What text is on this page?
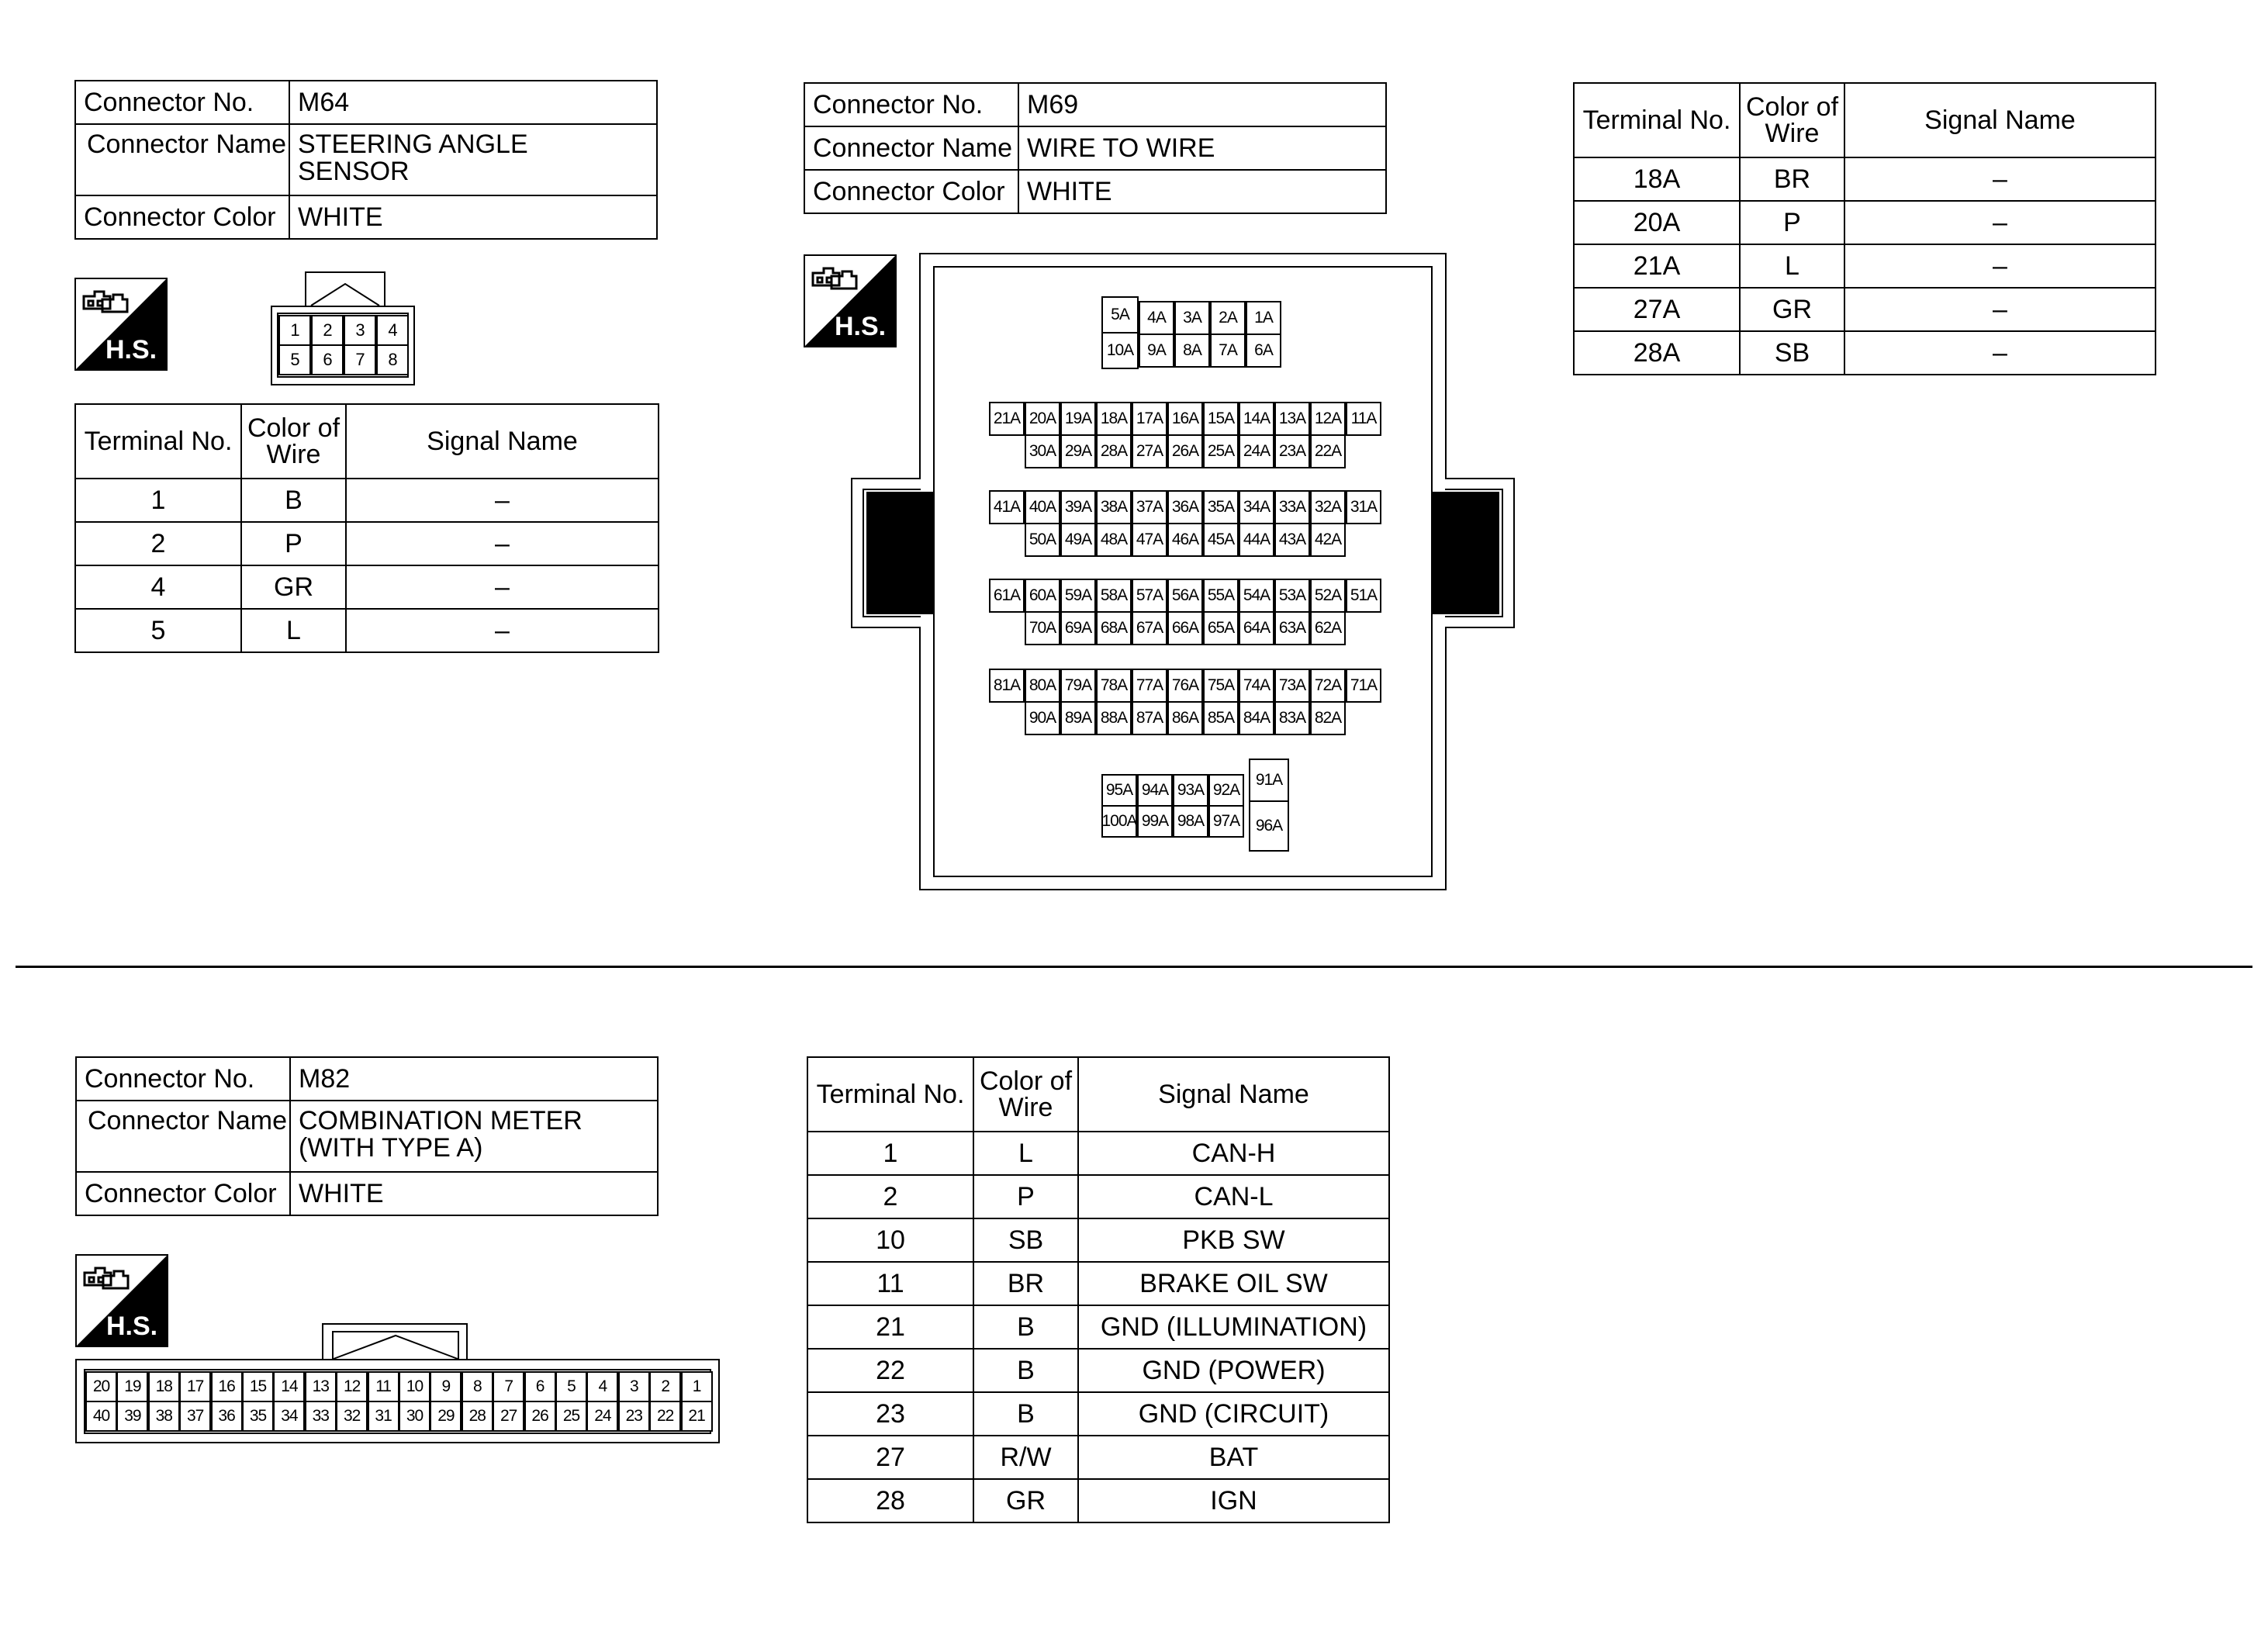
Connector No.	M64
Connector Name	STEERING ANGLE SENSOR

Connector Color	WHITE
H.S.
1	2	3	4
5	6	7	8
Terminal No.	Color of Wire	Signal Name
1	B	–
2	P	–
4	GR	–
5	L	–
Connector No.	M69
Connector Name	WIRE TO WIRE
Connector Color	WHITE
H.S.	5A
10A
4A	3A	2A	1A
9A	8A	7A	6A
21A 20A 19A 18A 17A 16A 15A 14A 13A 12A 11A
30A 29A 28A 27A 26A 25A 24A 23A 22A
41A 40A 39A 38A 37A 36A 35A 34A 33A 32A 31A
50A 49A 48A 47A 46A 45A 44A 43A 42A
61A 60A 59A 58A 57A 56A 55A 54A 53A 52A 51A
70A 69A 68A 67A 66A 65A 64A 63A 62A
81A 80A 79A 78A 77A 76A 75A 74A 73A 72A 71A
90A 89A 88A 87A 86A 85A 84A 83A 82A
95A 94A 93A 92A
100A 99A 98A 97A
91A
96A
Terminal No.	Color of Wire	Signal Name
18A	BR	–
20A	P	–
21A	L	–
27A	GR	–
28A	SB	–
Connector No.	M82
Connector Name	COMBINATION METER (WITH TYPE A)

Connector Color	WHITE
H.S.
20 19 18 17 16 15 14 13 12 11 10	9	8	7	6	5	4	3	2	1
40 39 38 37 36 35 34 33 32 31 30 29 28 27 26 25 24 23 22 21
Terminal No.	Color of Wire	Signal Name
1	L	CAN-H
2	P	CAN-L
10	SB	PKB SW
11	BR	BRAKE OIL SW
21	B	GND (ILLUMINATION)
22	B	GND (POWER)
23	B	GND (CIRCUIT)
27	R/W	BAT
28	GR	IGN
